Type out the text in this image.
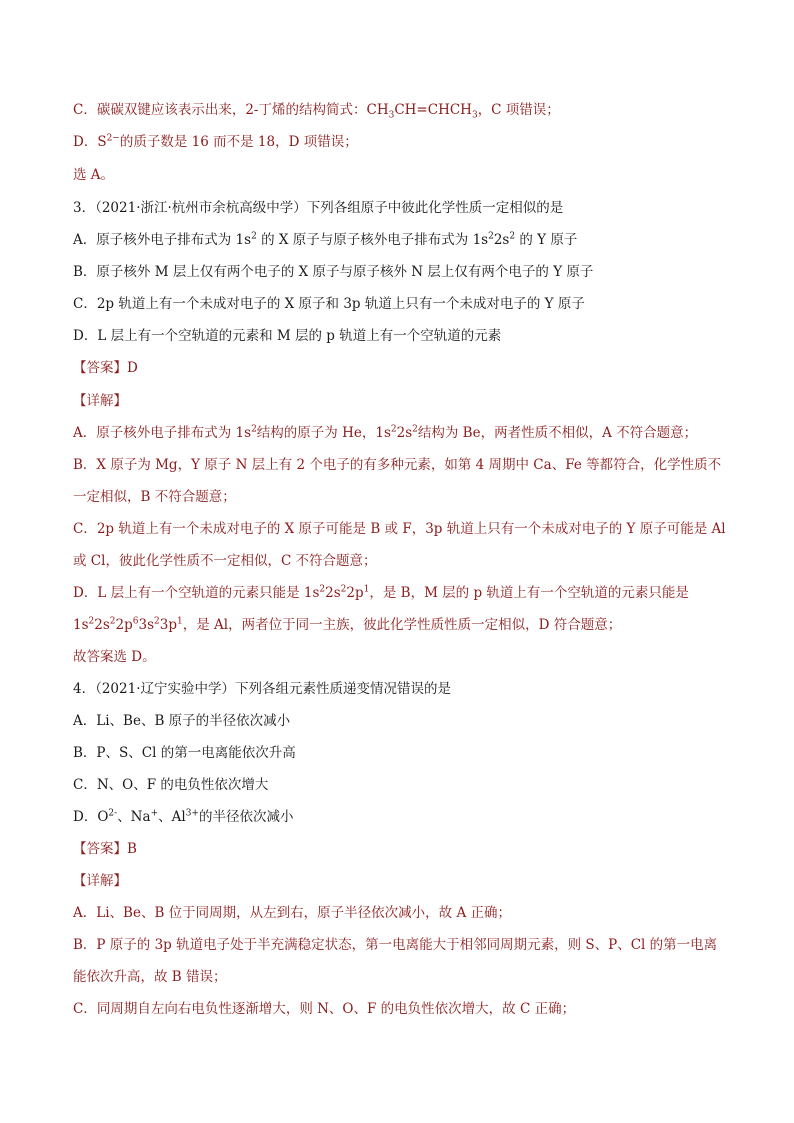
C．碳碳双键应该表示出来，2-丁烯的结构简式：$CH_3CH=CHCH_3$，C 项错误；
D．$S^{2-}$的质子数是 16 而不是 18，D 项错误；
选 A。
3．（2021·浙江·杭州市余杭高级中学）下列各组原子中彼此化学性质一定相似的是
A．原子核外电子排布式为 $1s^2$ 的 X 原子与原子核外电子排布式为 $1s^22s^2$ 的 Y 原子
B．原子核外 M 层上仅有两个电子的 X 原子与原子核外 N 层上仅有两个电子的 Y 原子
C．2p 轨道上有一个未成对电子的 X 原子和 3p 轨道上只有一个未成对电子的 Y 原子
D．L 层上有一个空轨道的元素和 M 层的 p 轨道上有一个空轨道的元素
【答案】D
【详解】
A．原子核外电子排布式为 $1s^2$结构的原子为 He，$1s^22s^2$结构为 Be，两者性质不相似，A 不符合题意；
B．X 原子为 Mg，Y 原子 N 层上有 2 个电子的有多种元素，如第 4 周期中 Ca、Fe 等都符合，化学性质不
一定相似，B 不符合题意；
C．2p 轨道上有一个未成对电子的 X 原子可能是 B 或 F，3p 轨道上只有一个未成对电子的 Y 原子可能是 Al
或 Cl，彼此化学性质不一定相似，C 不符合题意；
D．L 层上有一个空轨道的元素只能是 $1s^22s^22p^1$，是 B，M 层的 p 轨道上有一个空轨道的元素只能是
$1s^22s^22p^63s^23p^1$，是 Al，两者位于同一主族，彼此化学性质性质一定相似，D 符合题意；
故答案选 D。
4．（2021·辽宁实验中学）下列各组元素性质递变情况错误的是
A．Li、Be、B 原子的半径依次减小
B．P、S、Cl 的第一电离能依次升高
C．N、O、F 的电负性依次增大
D．$O^{2-}$、Na+、$Al^{3+}$的半径依次减小
【答案】B
【详解】
A．Li、Be、B 位于同周期，从左到右，原子半径依次减小，故 A 正确；
B．P 原子的 3p 轨道电子处于半充满稳定状态，第一电离能大于相邻同周期元素，则 S、P、Cl 的第一电离
能依次升高，故 B 错误；
C．同周期自左向右电负性逐渐增大，则 N、O、F 的电负性依次增大，故 C 正确；
